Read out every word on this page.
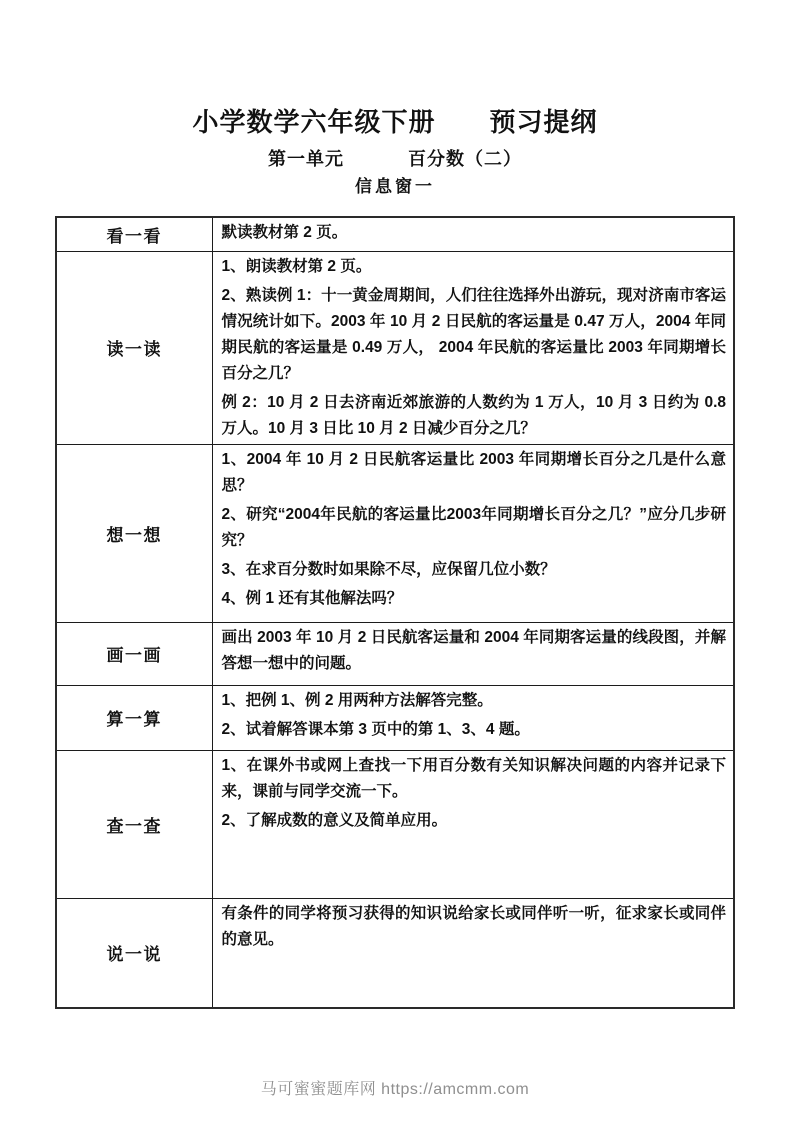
小学数学六年级下册　　预习提纲
第一单元	百分数（二）
信息窗一
看一看	默读教材第 2 页。

读一读	1、朗读教材第 2 页。

2、熟读例 1：十一黄金周期间，人们往往选择外出游玩，现对济南市客运情况统计如下。2003 年 10 月 2 日民航的客运量是 0.47 万人，2004 年同期民航的客运量是 0.49 万人， 2004 年民航的客运量比 2003 年同期增长百分之几？

例 2：10 月 2 日去济南近郊旅游的人数约为 1 万人，10 月 3 日约为 0.8 万人。10 月 3 日比 10 月 2 日减少百分之几？

想一想	1、2004 年 10 月 2 日民航客运量比 2003 年同期增长百分之几是什么意思？

2、研究“2004年民航的客运量比2003年同期增长百分之几？”应分几步研究？

3、在求百分数时如果除不尽，应保留几位小数？

4、例 1 还有其他解法吗？

画一画	画出 2003 年 10 月 2 日民航客运量和 2004 年同期客运量的线段图，并解答想一想中的问题。

算一算	1、把例 1、例 2 用两种方法解答完整。

2、试着解答课本第 3 页中的第 1、3、4 题。

查一查	1、在课外书或网上查找一下用百分数有关知识解决问题的内容并记录下来，课前与同学交流一下。

2、了解成数的意义及简单应用。

说一说	有条件的同学将预习获得的知识说给家长或同伴听一听，征求家长或同伴的意见。

马可蜜蜜题库网 https://amcmm.com
